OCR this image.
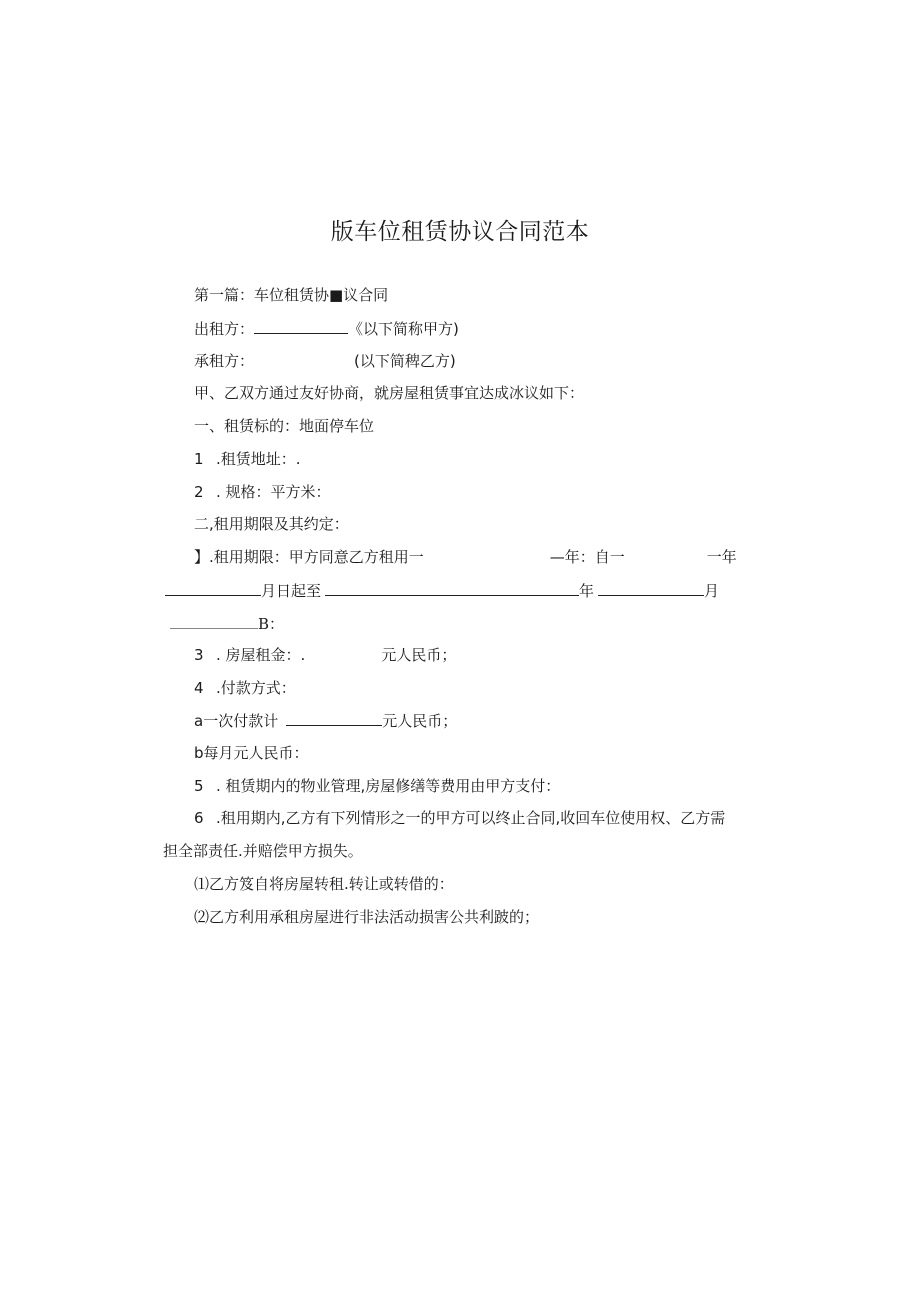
版车位租赁协议合同范本
第一篇：车位租赁协■议合同
出租方：	《以下简称甲方)
承租方：	(以下简稗乙方)
甲、乙双方通过友好协商，就房屋租赁事宜达成冰议如下：
一、租赁标的：地面停车位
1 .租赁地址：.
2 . 规格：平方米：
二,租用期限及其约定：
】.租用期限：甲方同意乙方租用一	—年：自一	一年
月日起至	年	月
B：
3 . 房屋租金：.	元人民币；
4 .付款方式：
a一次付款计	元人民币；
b每月元人民币：
5 . 租赁期内的物业管理,房屋修缮等费用由甲方支付：
6 .租用期内,乙方有下列情形之一的甲方可以终止合同,收回车位使用权、乙方需
担全部责任.并赔偿甲方损失。
⑴乙方笈自将房屋转租.转让或转借的：
⑵乙方利用承租房屋进行非法活动损害公共利跛的；
